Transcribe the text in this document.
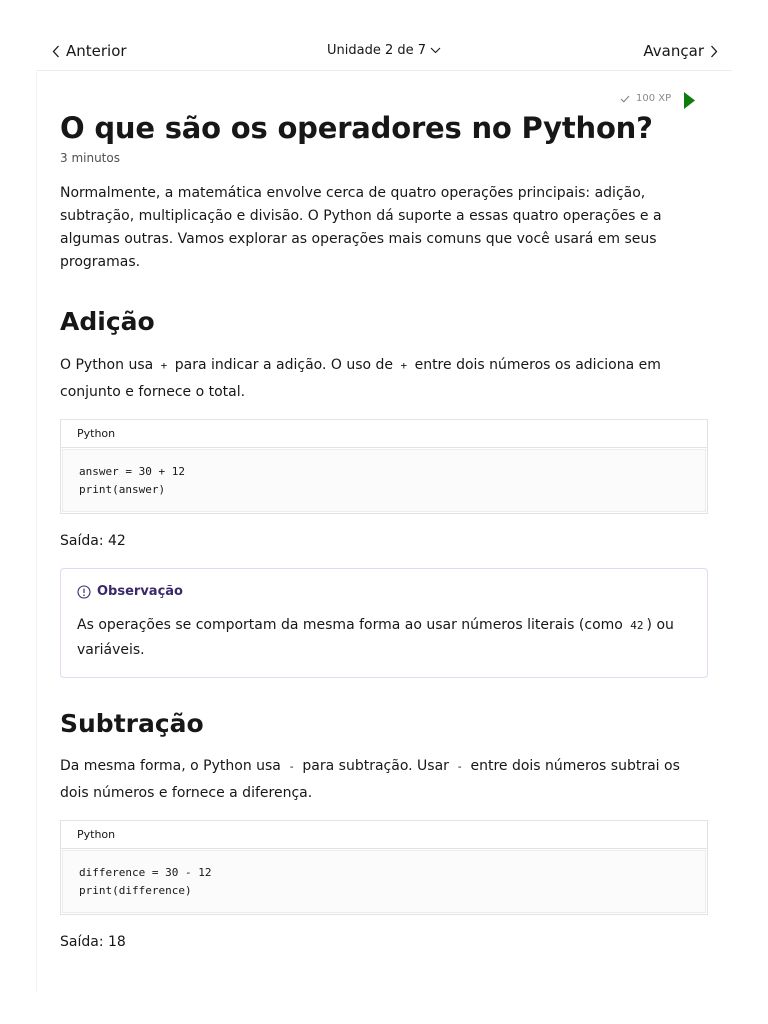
Anterior	Unidade 2 de 7	Avançar
100 XP
O que são os operadores no Python?
3 minutos

Normalmente, a matemática envolve cerca de quatro operações principais: adição, subtração, multiplicação e divisão. O Python dá suporte a essas quatro operações e a algumas outras. Vamos explorar as operações mais comuns que você usará em seus programas.

Adição

O Python usa + para indicar a adição. O uso de + entre dois números os adiciona em conjunto e fornece o total.

Python
answer = 30 + 12
print(answer)

Saída: 42

Observação

As operações se comportam da mesma forma ao usar números literais (como 42 ) ou variáveis.

Subtração

Da mesma forma, o Python usa - para subtração. Usar - entre dois números subtrai os dois números e fornece a diferença.

Python
difference = 30 - 12
print(difference)

Saída: 18
